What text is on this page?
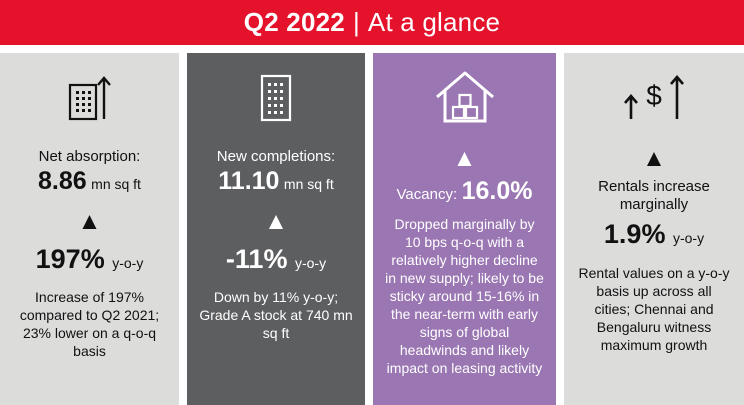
Q2 2022 | At a glance
Net absorption:
8.86 mn sq ft
▲
197% y-o-y
Increase of 197% compared to Q2 2021; 23% lower on a q-o-q basis
New completions:
11.10 mn sq ft
▲
-11% y-o-y
Down by 11% y-o-y; Grade A stock at 740 mn sq ft
▲
Vacancy: 16.0%
Dropped marginally by 10 bps q-o-q with a relatively higher decline in new supply; likely to be sticky around 15-16% in the near-term with early signs of global headwinds and likely impact on leasing activity
$
▲
Rentals increase marginally
1.9% y-o-y
Rental values on a y-o-y basis up across all cities; Chennai and Bengaluru witness maximum growth
